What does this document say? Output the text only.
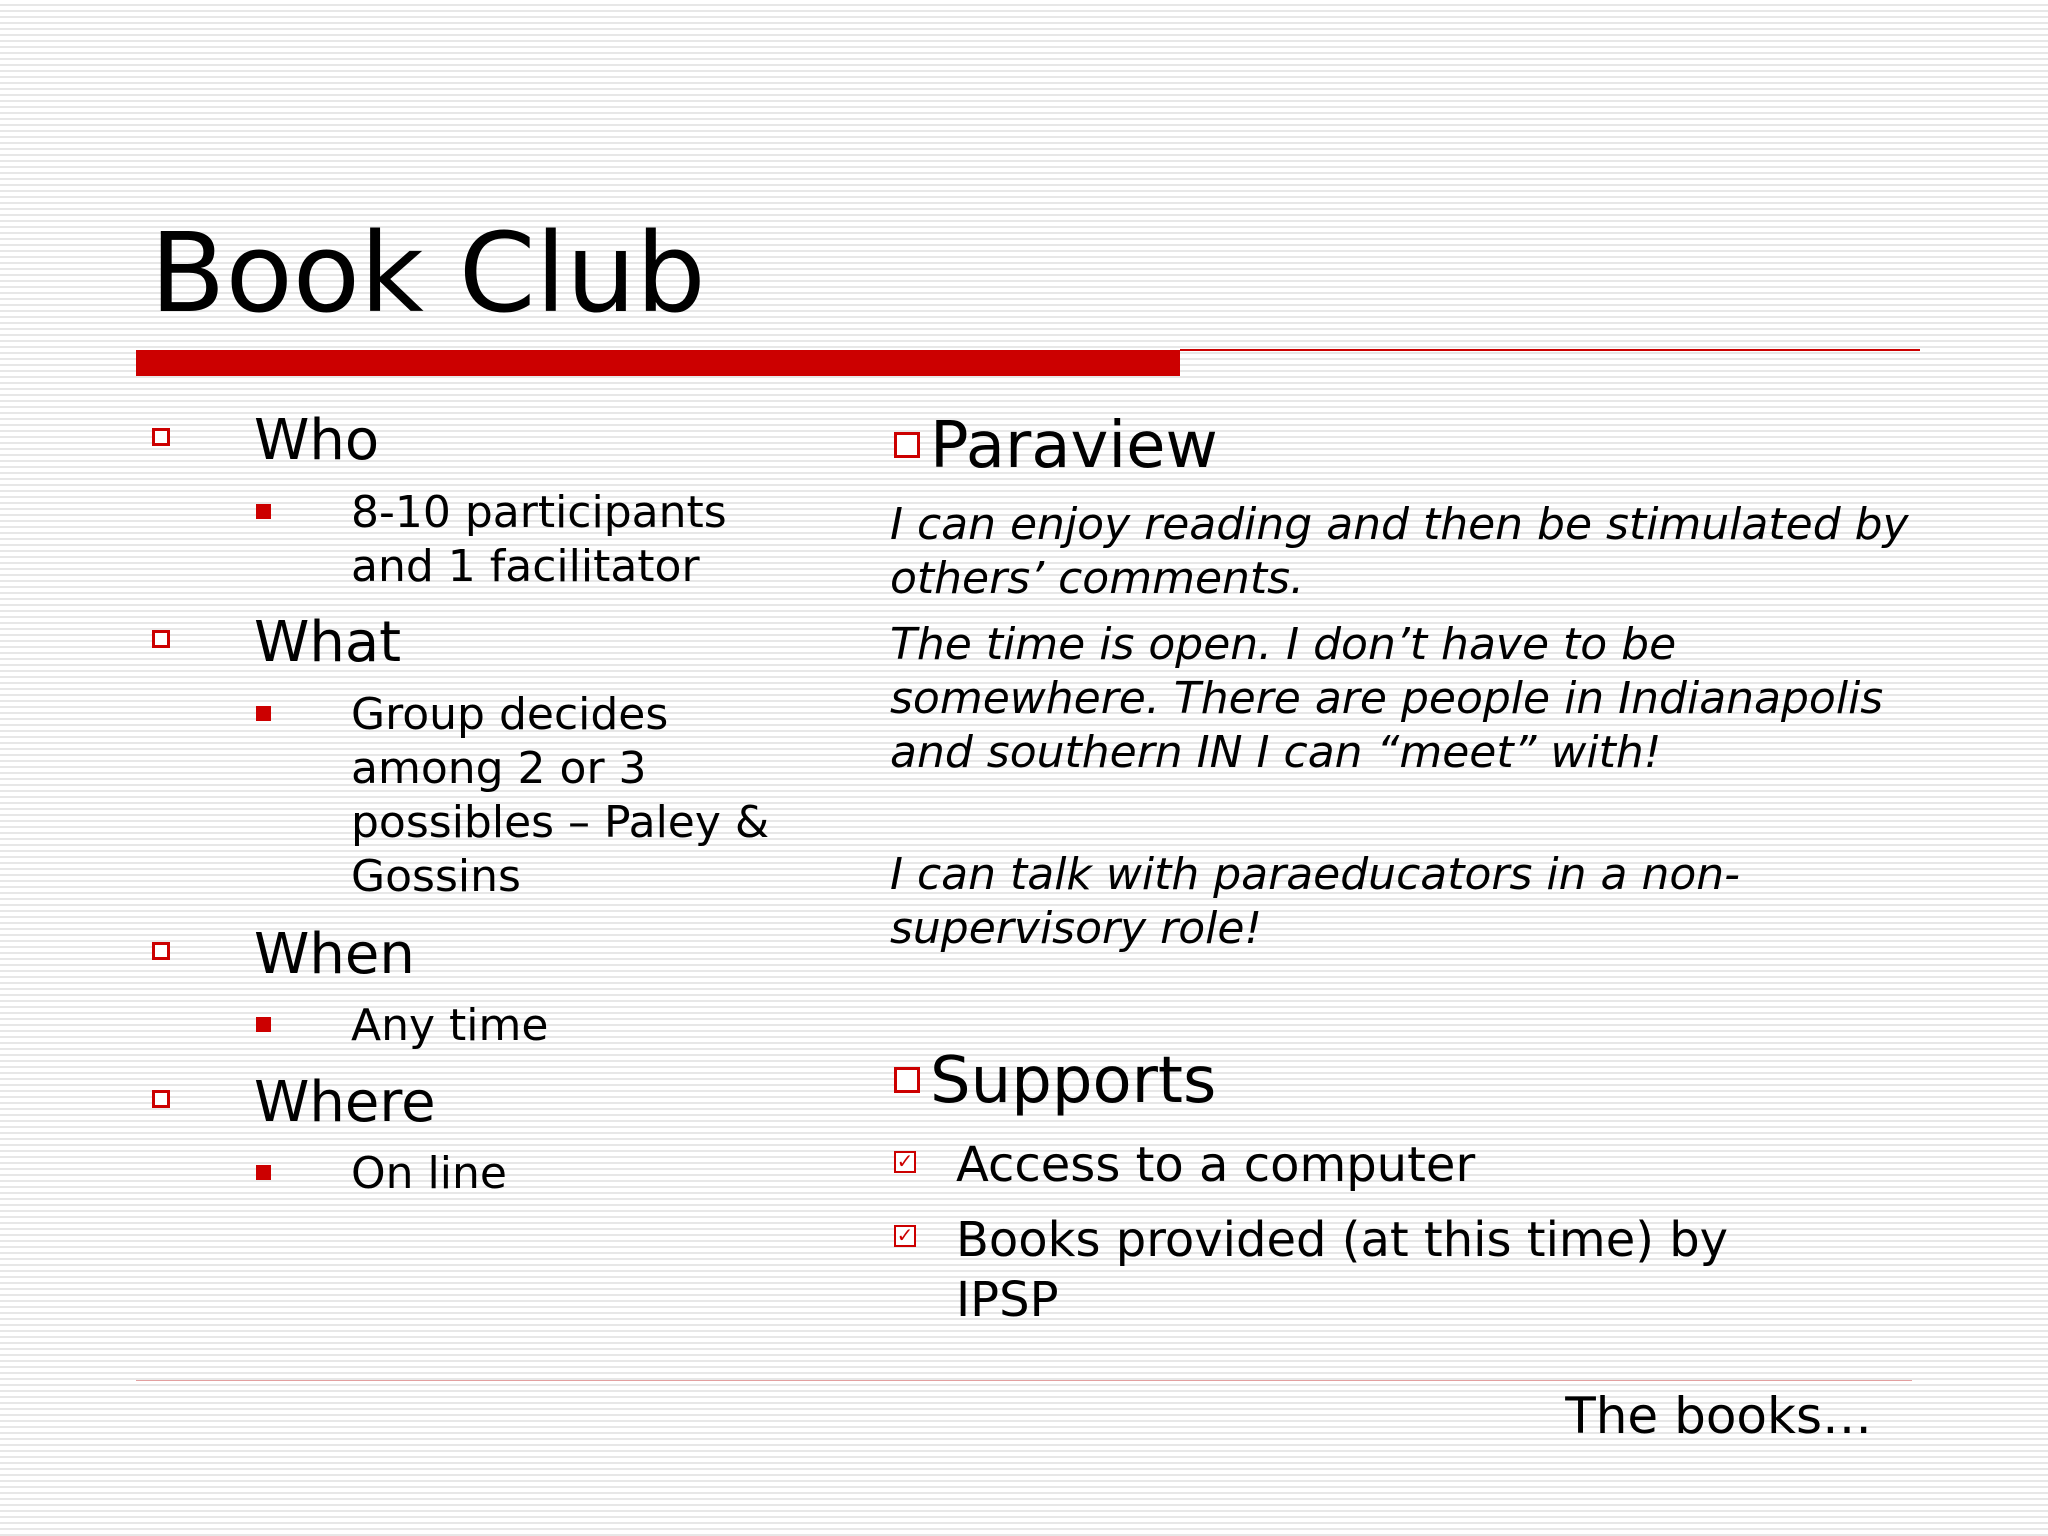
Book Club
Who
8-10 participants and 1 facilitator
What
Group decides among 2 or 3 possibles – Paley & Gossins
When
Any time
Where
On line
Paraview
I can enjoy reading and then be stimulated by others’ comments.
The time is open. I don’t have to be somewhere. There are people in Indianapolis and southern IN I can “meet” with!
I can talk with paraeducators in a non-supervisory role!
Supports
✓ Access to a computer
✓ Books provided (at this time) by IPSP
The books…
